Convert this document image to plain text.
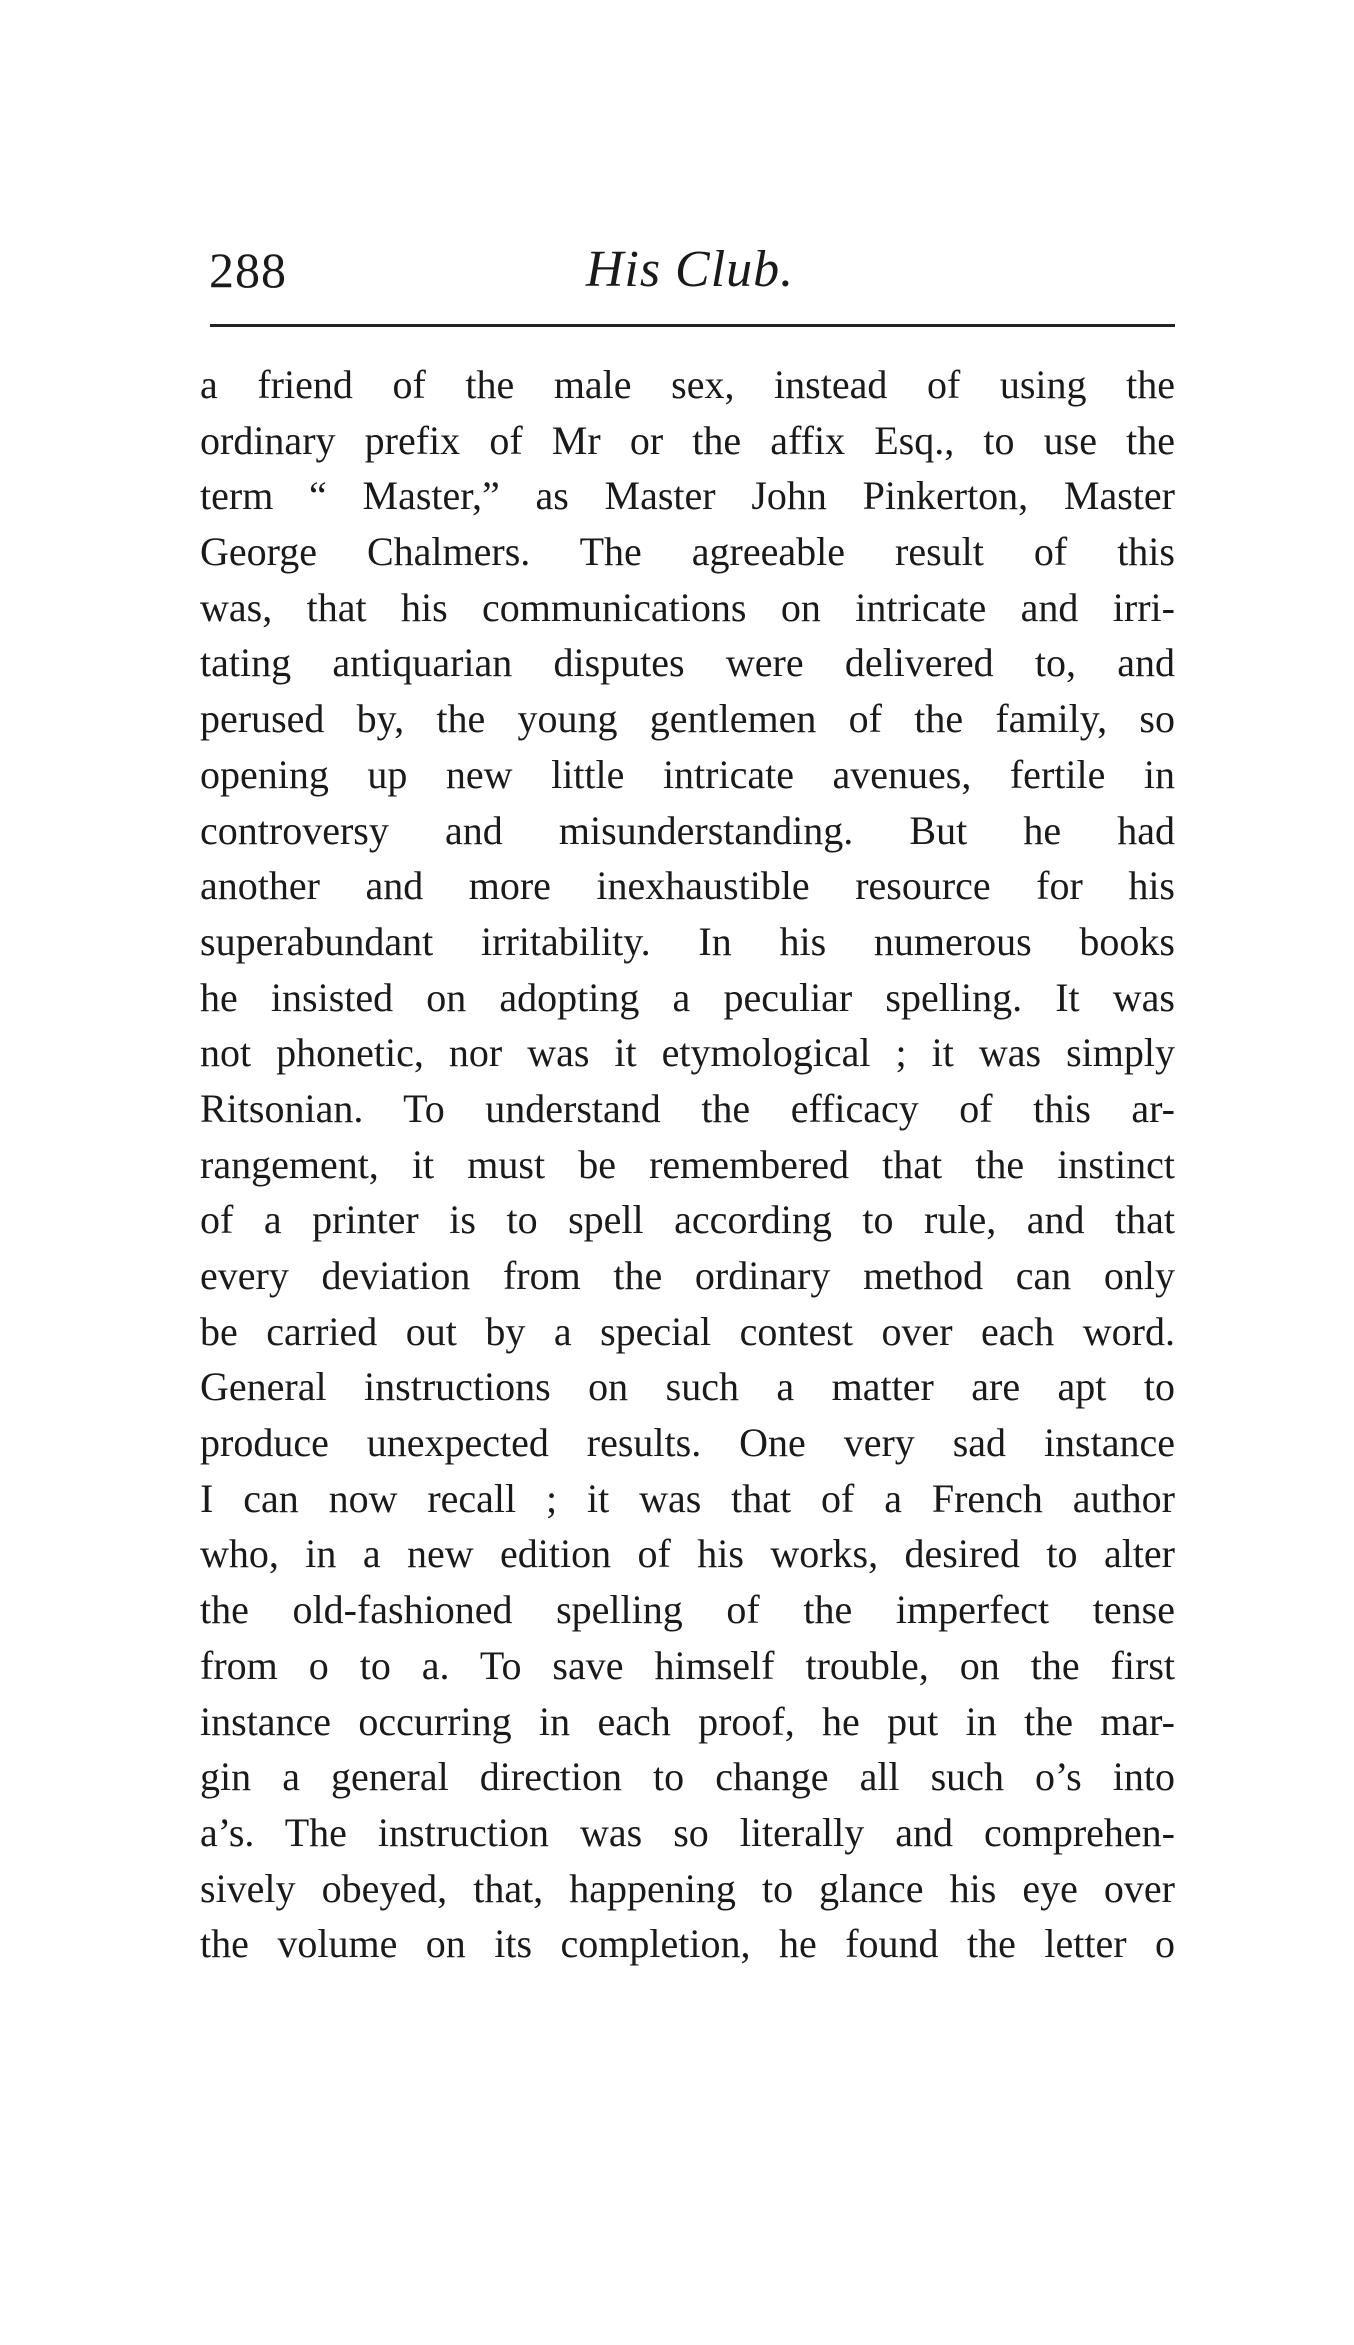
288	His Club.
a friend of the male sex, instead of using the
ordinary prefix of Mr or the affix Esq., to use the
term “ Master,” as Master John Pinkerton, Master
George Chalmers. The agreeable result of this
was, that his communications on intricate and irri-
tating antiquarian disputes were delivered to, and
perused by, the young gentlemen of the family, so
opening up new little intricate avenues, fertile in
controversy and misunderstanding. But he had
another and more inexhaustible resource for his
superabundant irritability. In his numerous books
he insisted on adopting a peculiar spelling. It was
not phonetic, nor was it etymological ; it was simply
Ritsonian. To understand the efficacy of this ar-
rangement, it must be remembered that the instinct
of a printer is to spell according to rule, and that
every deviation from the ordinary method can only
be carried out by a special contest over each word.
General instructions on such a matter are apt to
produce unexpected results. One very sad instance
I can now recall ; it was that of a French author
who, in a new edition of his works, desired to alter
the old-fashioned spelling of the imperfect tense
from o to a. To save himself trouble, on the first
instance occurring in each proof, he put in the mar-
gin a general direction to change all such o’s into
a’s. The instruction was so literally and comprehen-
sively obeyed, that, happening to glance his eye over
the volume on its completion, he found the letter o
